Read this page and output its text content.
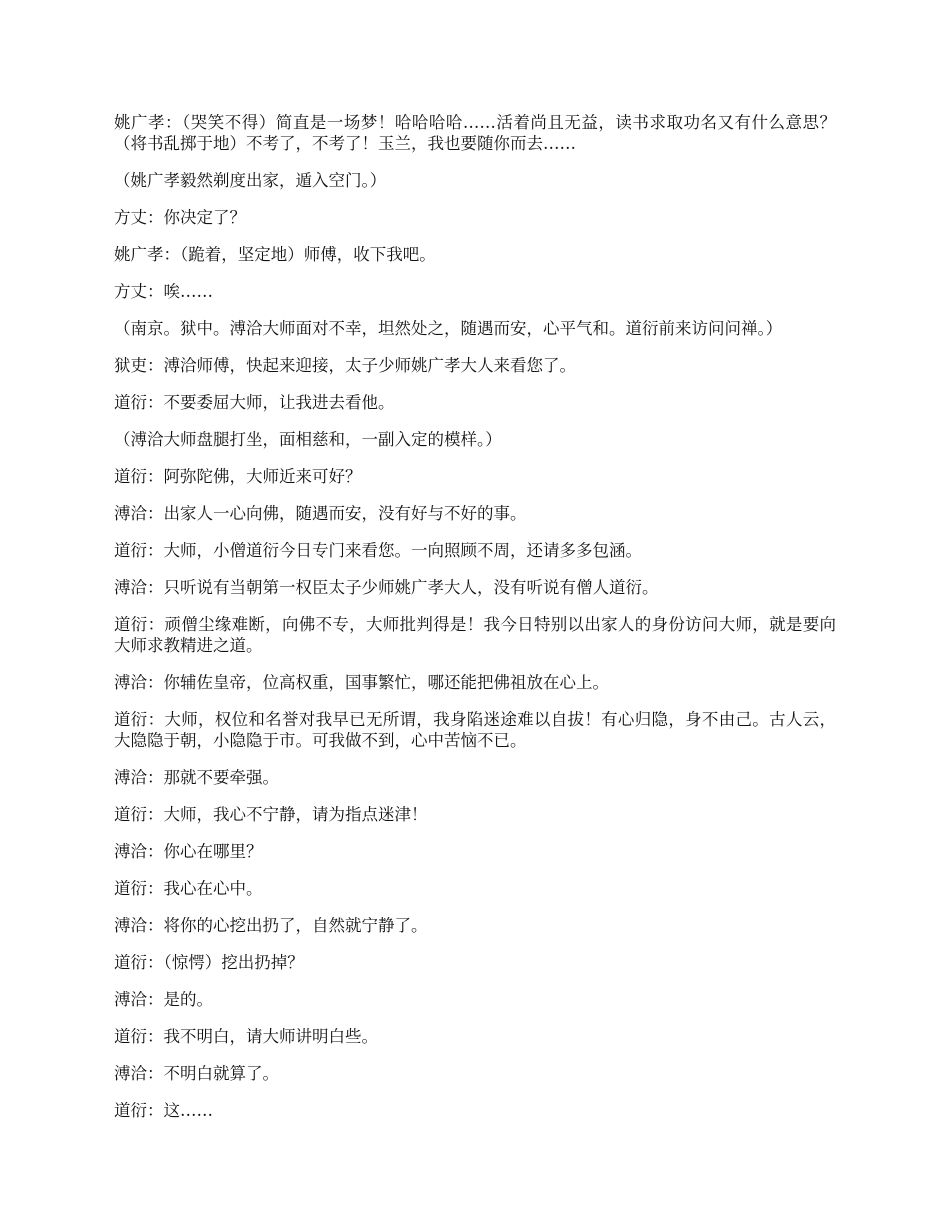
姚广孝：（哭笑不得）简直是一场梦！哈哈哈哈……活着尚且无益，读书求取功名又有什么意思？（将书乱掷于地）不考了，不考了！玉兰，我也要随你而去……

（姚广孝毅然剃度出家，遁入空门。）

方丈：你决定了？

姚广孝：（跪着，坚定地）师傅，收下我吧。

方丈：唉……

（南京。狱中。溥洽大师面对不幸，坦然处之，随遇而安，心平气和。道衍前来访问问禅。）

狱吏：溥洽师傅，快起来迎接，太子少师姚广孝大人来看您了。

道衍：不要委屈大师，让我进去看他。

（溥洽大师盘腿打坐，面相慈和，一副入定的模样。）

道衍：阿弥陀佛，大师近来可好？

溥洽：出家人一心向佛，随遇而安，没有好与不好的事。

道衍：大师，小僧道衍今日专门来看您。一向照顾不周，还请多多包涵。

溥洽：只听说有当朝第一权臣太子少师姚广孝大人，没有听说有僧人道衍。

道衍：顽僧尘缘难断，向佛不专，大师批判得是！我今日特别以出家人的身份访问大师，就是要向大师求教精进之道。

溥洽：你辅佐皇帝，位高权重，国事繁忙，哪还能把佛祖放在心上。

道衍：大师，权位和名誉对我早已无所谓，我身陷迷途难以自拔！有心归隐，身不由己。古人云，大隐隐于朝，小隐隐于市。可我做不到，心中苦恼不已。

溥洽：那就不要牵强。

道衍：大师，我心不宁静，请为指点迷津！

溥洽：你心在哪里？

道衍：我心在心中。

溥洽：将你的心挖出扔了，自然就宁静了。

道衍：（惊愕）挖出扔掉？

溥洽：是的。

道衍：我不明白，请大师讲明白些。

溥洽：不明白就算了。

道衍：这……
